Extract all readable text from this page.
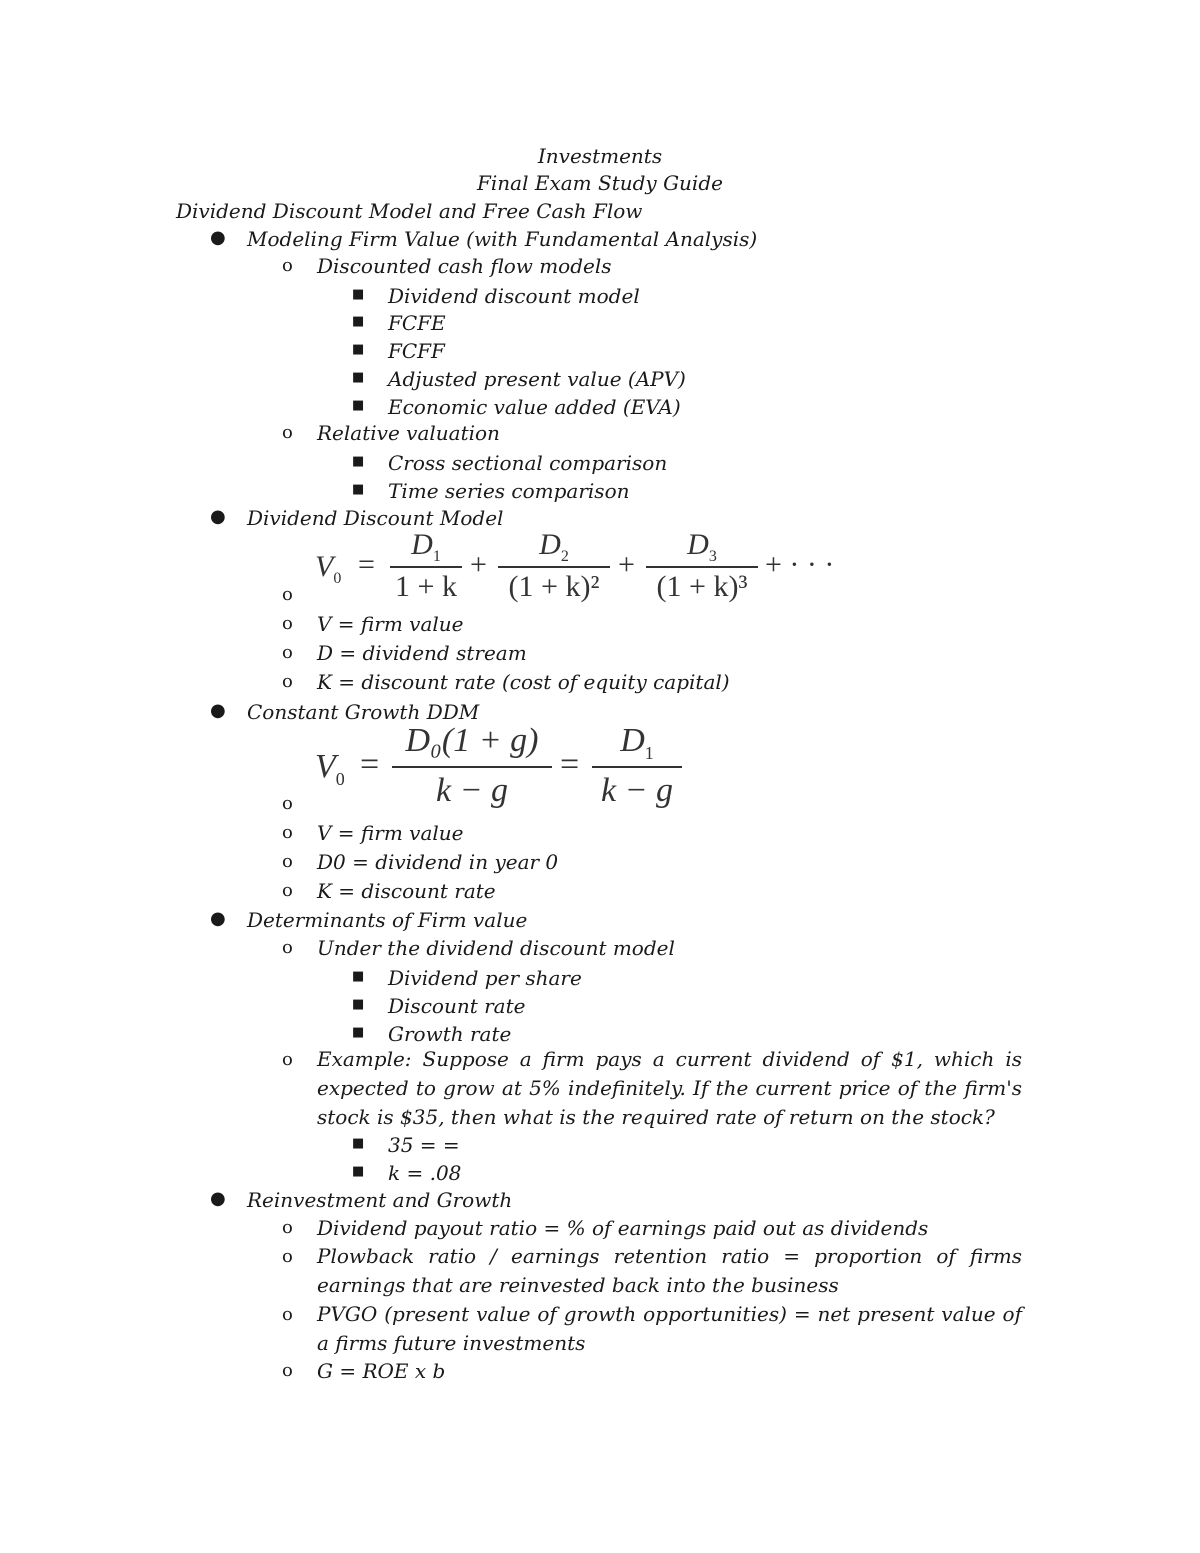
Investments
Final Exam Study Guide
Dividend Discount Model and Free Cash Flow
● Modeling Firm Value (with Fundamental Analysis)
o Discounted cash flow models
■ Dividend discount model
■ FCFE
■ FCFF
■ Adjusted present value (APV)
■ Economic value added (EVA)
o Relative valuation
■ Cross sectional comparison
■ Time series comparison
● Dividend Discount Model
$V_0$ =
$D_1$
1 + k
+
$D_2$
(1 + k)²
+
$D_3$
(1 + k)³
+ · · ·
o
o V = firm value
o D = dividend stream
o K = discount rate (cost of equity capital)
● Constant Growth DDM
$V_0$ =
D₀(1 + g)
k − g
=
$D_1$
k − g
o
o V = firm value
o D0 = dividend in year 0
o K = discount rate
● Determinants of Firm value
o Under the dividend discount model
■ Dividend per share
■ Discount rate
■ Growth rate
o Example: Suppose a firm pays a current dividend of $1, which is expected to grow at 5% indefinitely. If the current price of the firm's stock is $35, then what is the required rate of return on the stock?
■ 35 = =
■ k = .08
● Reinvestment and Growth
o Dividend payout ratio = % of earnings paid out as dividends
o Plowback ratio / earnings retention ratio = proportion of firms earnings that are reinvested back into the business
o PVGO (present value of growth opportunities) = net present value of a firms future investments
o G = ROE x b
